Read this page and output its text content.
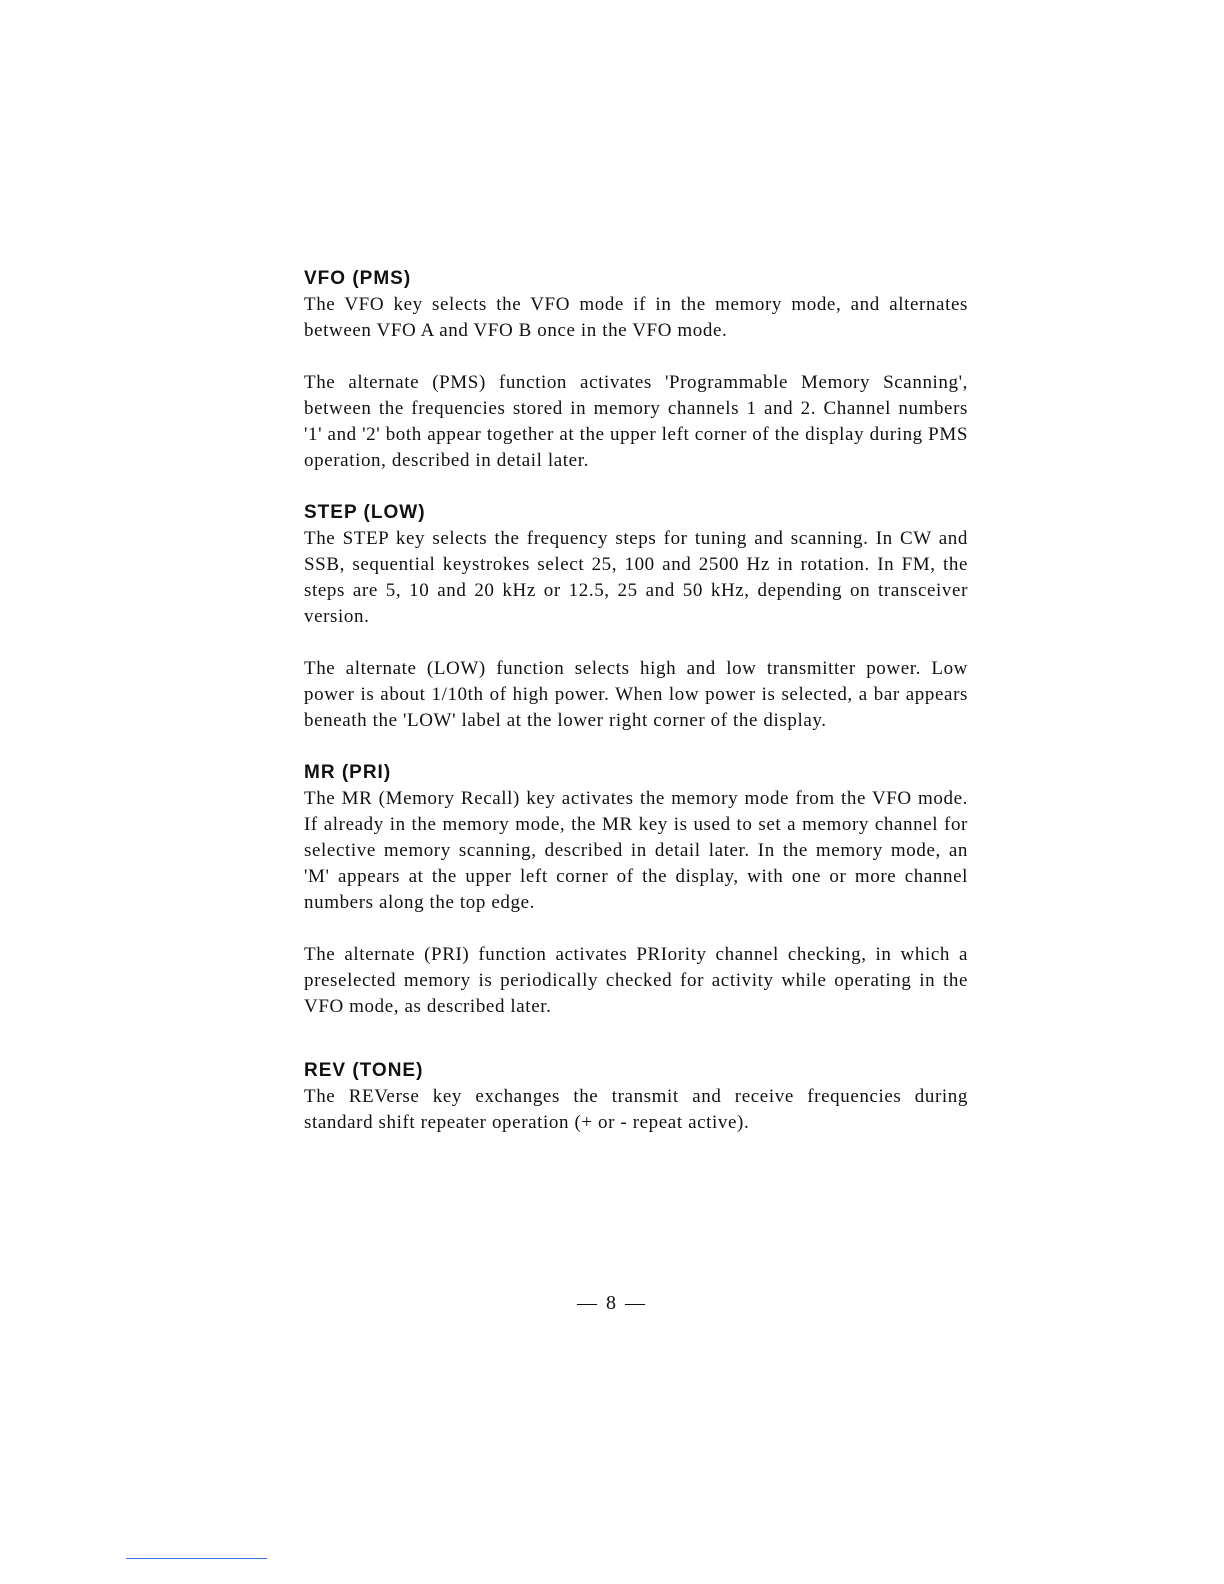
VFO (PMS)

The VFO key selects the VFO mode if in the memory mode, and alternates between VFO A and VFO B once in the VFO mode.

The alternate (PMS) function activates 'Programmable Memory Scanning', between the frequencies stored in memory channels 1 and 2. Channel numbers '1' and '2' both appear together at the upper left corner of the display during PMS operation, described in detail later.

STEP (LOW)

The STEP key selects the frequency steps for tuning and scanning. In CW and SSB, sequential keystrokes select 25, 100 and 2500 Hz in rotation. In FM, the steps are 5, 10 and 20 kHz or 12.5, 25 and 50 kHz, depending on transceiver version.

The alternate (LOW) function selects high and low transmitter power. Low power is about 1/10th of high power. When low power is selected, a bar appears beneath the 'LOW' label at the lower right corner of the display.

MR (PRI)

The MR (Memory Recall) key activates the memory mode from the VFO mode. If already in the memory mode, the MR key is used to set a memory channel for selective memory scanning, described in detail later. In the memory mode, an 'M' appears at the upper left corner of the display, with one or more channel numbers along the top edge.

The alternate (PRI) function activates PRIority channel checking, in which a preselected memory is periodically checked for activity while operating in the VFO mode, as described later.

REV (TONE)

The REVerse key exchanges the transmit and receive frequencies during standard shift repeater operation (+ or - repeat active).

— 8 —
